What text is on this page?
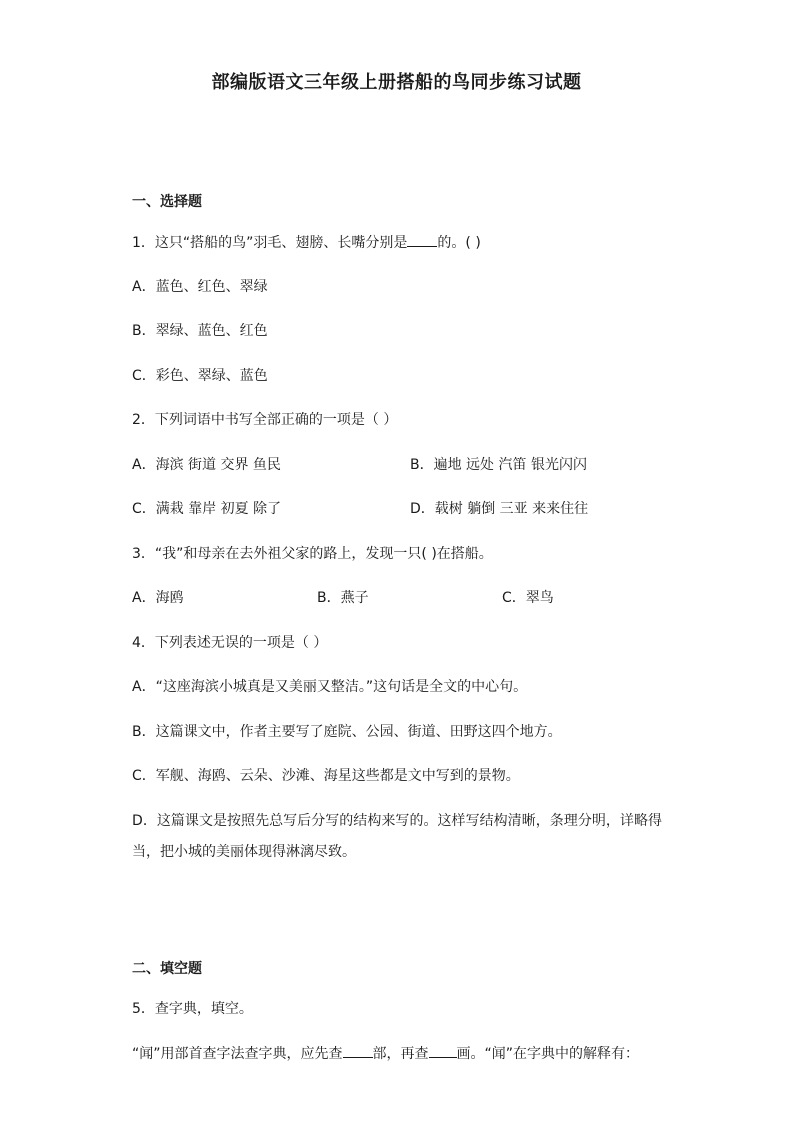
部编版语文三年级上册搭船的鸟同步练习试题
一、选择题
1．这只“搭船的鸟”羽毛、翅膀、长嘴分别是 的。( )
A．蓝色、红色、翠绿
B．翠绿、蓝色、红色
C．彩色、翠绿、蓝色
2．下列词语中书写全部正确的一项是（ ）
A．海滨 街道 交界 鱼民	B．遍地 远处 汽笛 银光闪闪
C．满栽 靠岸 初夏 除了	D．载树 躺倒 三亚 来来住往
3．“我”和母亲在去外祖父家的路上，发现一只( )在搭船。
A．海鸥	B．燕子	C．翠鸟
4．下列表述无误的一项是（ ）
A．“这座海滨小城真是又美丽又整洁。”这句话是全文的中心句。
B．这篇课文中，作者主要写了庭院、公园、街道、田野这四个地方。
C．军舰、海鸥、云朵、沙滩、海星这些都是文中写到的景物。
D．这篇课文是按照先总写后分写的结构来写的。这样写结构清晰，条理分明，详略得当，把小城的美丽体现得淋漓尽致。
二、填空题
5．查字典，填空。
“闻”用部首查字法查字典，应先查 部，再查 画。“闻”在字典中的解释有：
